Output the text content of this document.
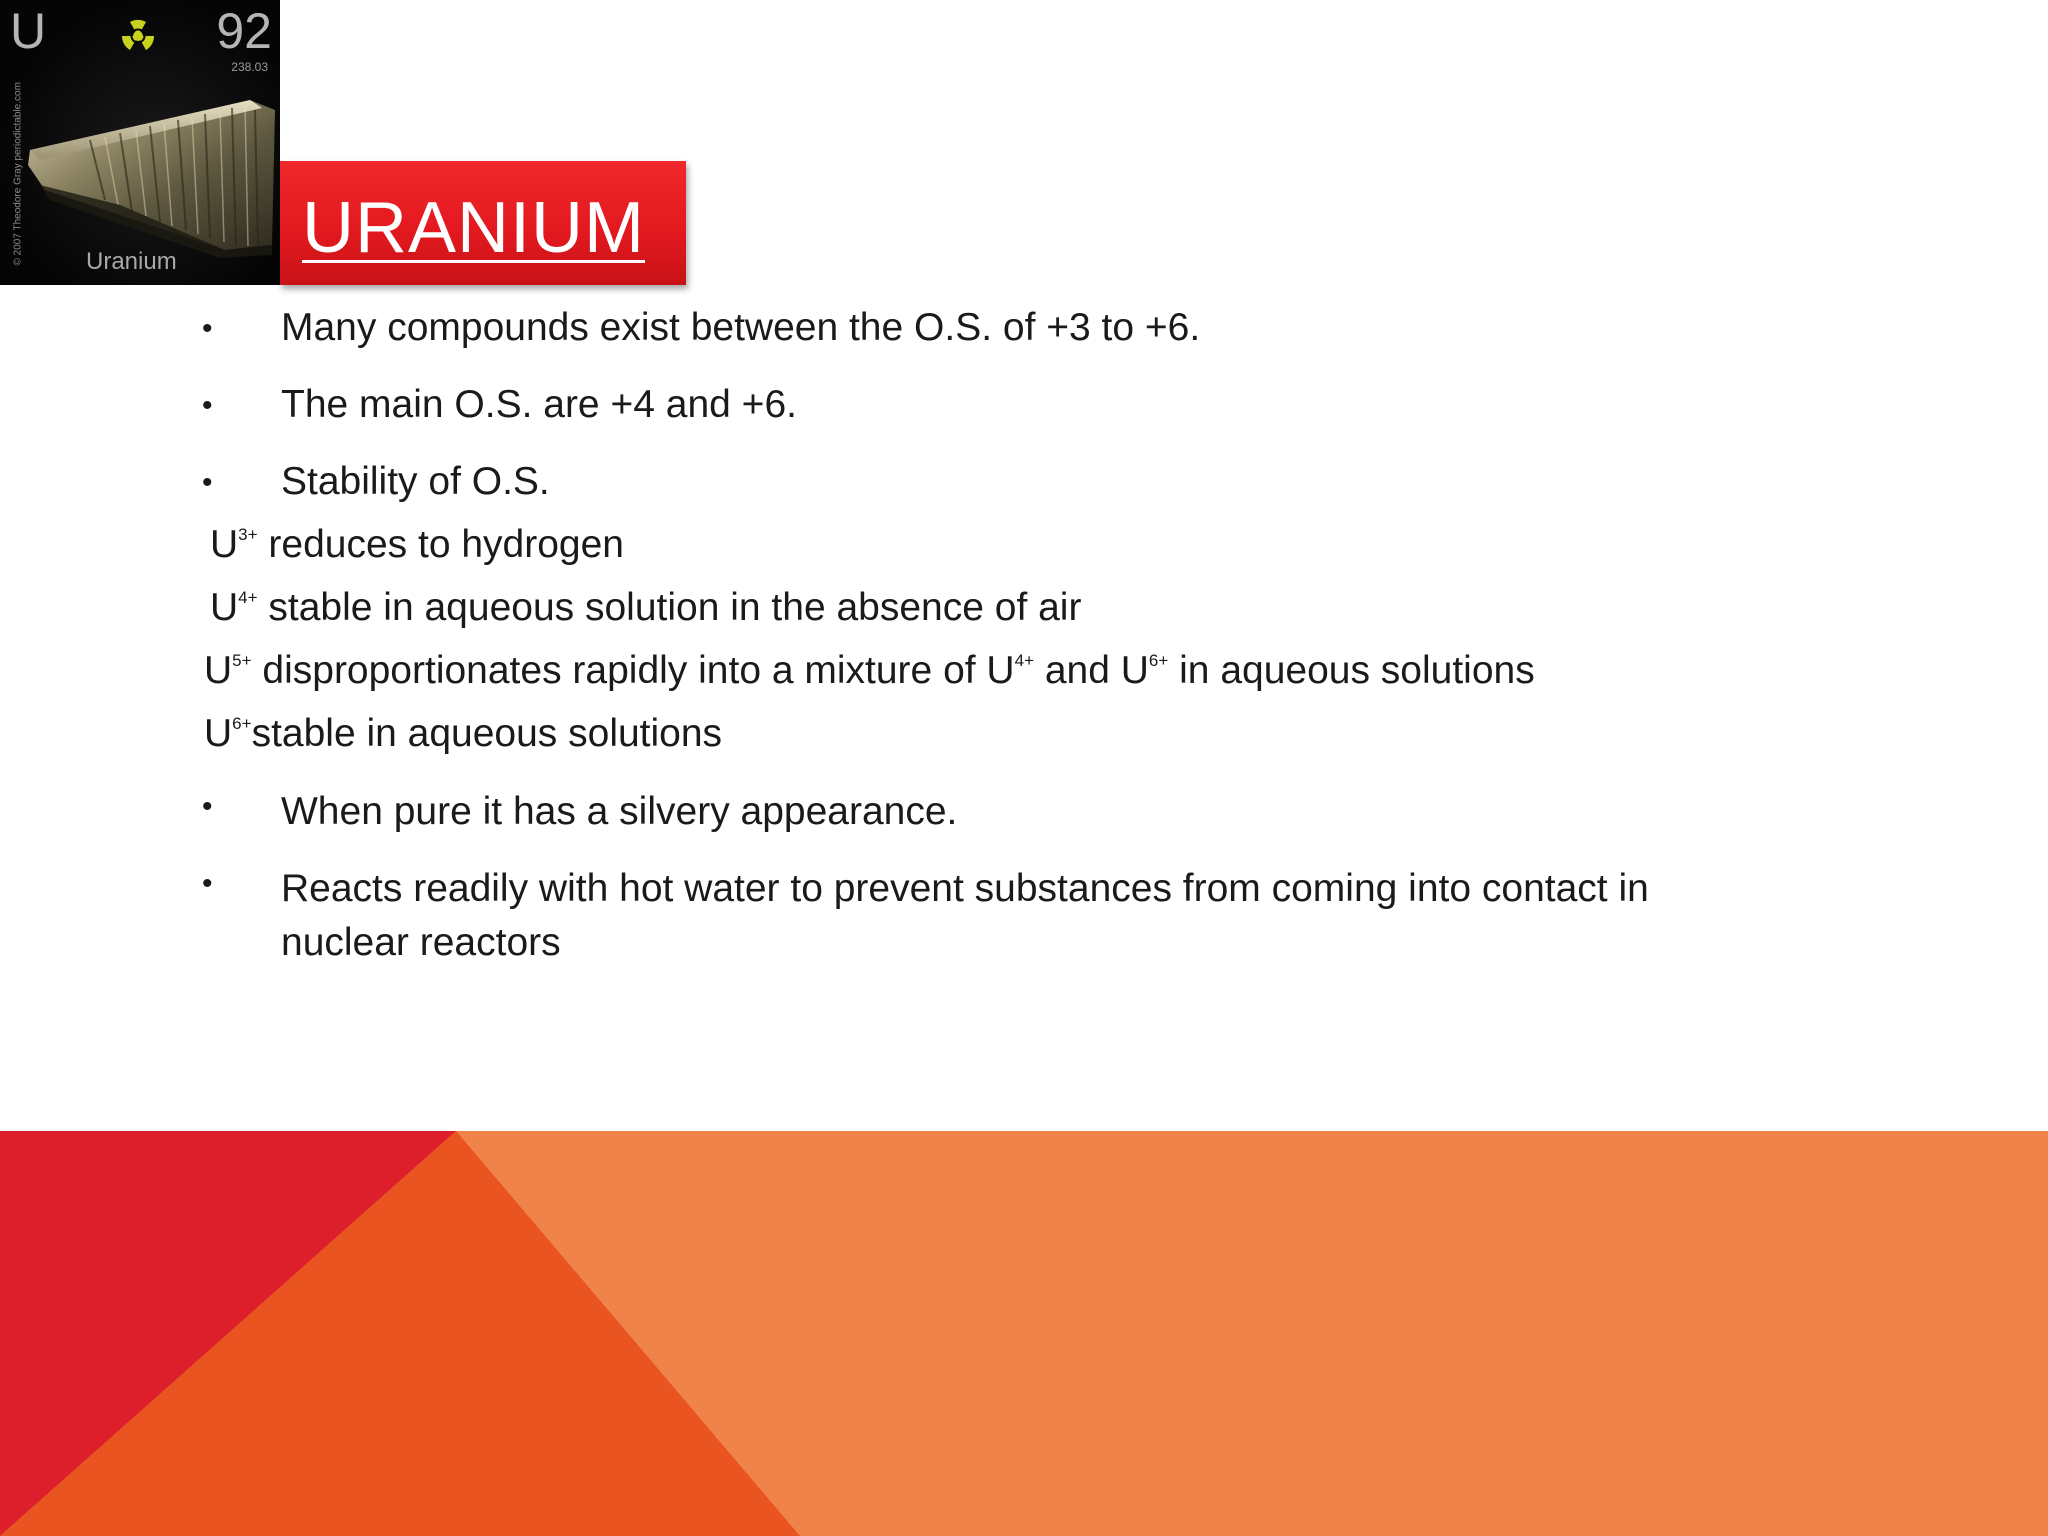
U	92
238.03
© 2007 Theodore Gray periodictable.com	Uranium URANIUM
• Many compounds exist between the O.S. of +3 to +6.
• The main O.S. are +4 and +6.
• Stability of O.S.
$U^{3+}$ reduces to hydrogen
$U^{4+}$ stable in aqueous solution in the absence of air
$U^{5+}$ disproportionates rapidly into a mixture of $U^{4+}$ and $U^{6+}$ in aqueous solutions
$U^{6+}stable$ in aqueous solutions
• When pure it has a silvery appearance.
• Reacts readily with hot water to prevent substances from coming into contact in
nuclear reactors
